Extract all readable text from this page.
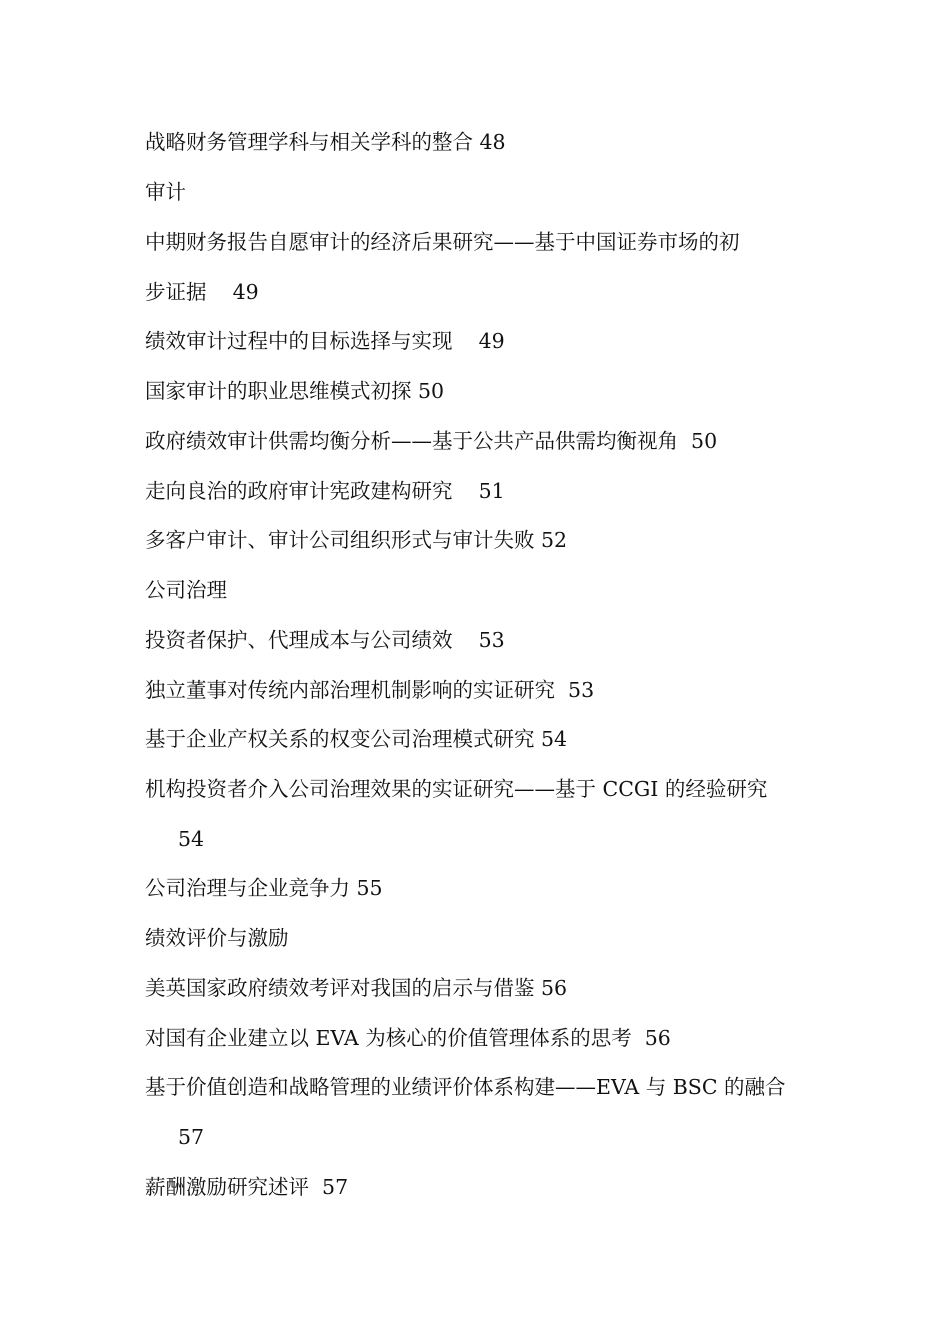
战略财务管理学科与相关学科的整合 48
审计
中期财务报告自愿审计的经济后果研究——基于中国证券市场的初
步证据    49
绩效审计过程中的目标选择与实现    49
国家审计的职业思维模式初探 50
政府绩效审计供需均衡分析——基于公共产品供需均衡视角  50
走向良治的政府审计宪政建构研究    51
多客户审计、审计公司组织形式与审计失败 52
公司治理
投资者保护、代理成本与公司绩效    53
独立董事对传统内部治理机制影响的实证研究  53
基于企业产权关系的权变公司治理模式研究 54
机构投资者介入公司治理效果的实证研究——基于 CCGI 的经验研究
54
公司治理与企业竞争力 55
绩效评价与激励
美英国家政府绩效考评对我国的启示与借鉴 56
对国有企业建立以 EVA 为核心的价值管理体系的思考  56
基于价值创造和战略管理的业绩评价体系构建——EVA 与 BSC 的融合
57
薪酬激励研究述评  57
